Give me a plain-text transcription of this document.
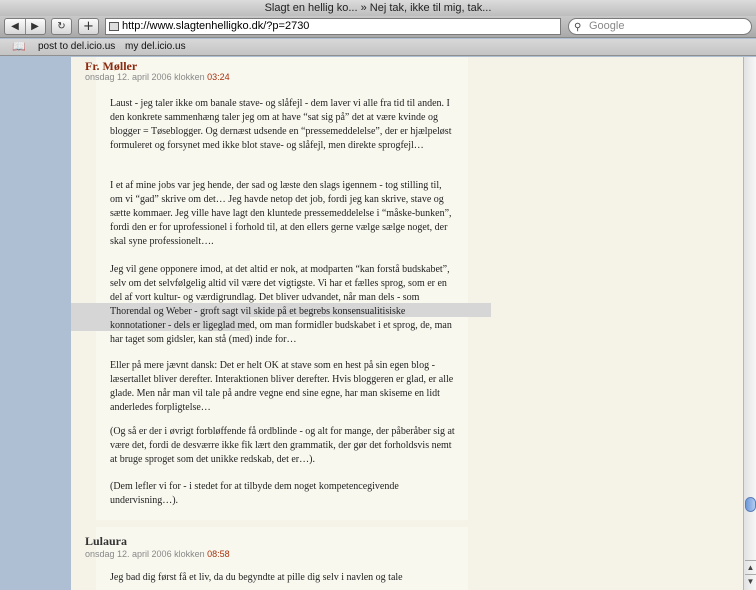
Slagt en hellig ko... » Nej tak, ikke til mig, tak...
◀ ▶	↻	+	http://www.slagtenhelligko.dk/?p=2730	⚲ Google
📖 post to del.icio.us my del.icio.us
Fr. Møller
onsdag 12. april 2006 klokken 03:24

Laust - jeg taler ikke om banale stave- og slåfejl - dem laver vi alle fra tid til anden. I den konkrete sammenhæng taler jeg om at have “sat sig på” det at være kvinde og blogger = Tøseblogger. Og dernæst udsende en “pressemeddelelse”, der er hjælpeløst formuleret og forsynet med ikke blot stave- og slåfejl, men direkte sprogfejl…

I et af mine jobs var jeg hende, der sad og læste den slags igennem - tog stilling til, om vi “gad” skrive om det… Jeg havde netop det job, fordi jeg kan skrive, stave og sætte kommaer. Jeg ville have lagt den kluntede pressemeddelelse i “måske-bunken”, fordi den er for uprofessionel i forhold til, at den ellers gerne vælge sælge noget, der skal syne professionelt….

Jeg vil gene opponere imod, at det altid er nok, at modparten “kan forstå budskabet”, selv om det selvfølgelig altid vil være det vigtigste. Vi har et fælles sprog, som er en del af vort kultur- og værdigrundlag. Det bliver udvandet, når man dels - som Thorendal og Weber - groft sagt vil skide på et begrebs konsensualitisiske konnotationer - dels er ligeglad med, om man formidler budskabet i et sprog, de, man har taget som gidsler, kan stå (med) inde for…

Eller på mere jævnt dansk: Det er helt OK at stave som en hest på sin egen blog - læsertallet bliver derefter. Interaktionen bliver derefter. Hvis bloggeren er glad, er alle glade. Men når man vil tale på andre vegne end sine egne, har man skiseme en lidt anderledes forpligtelse…

(Og så er der i øvrigt forbløffende få ordblinde - og alt for mange, der påberåber sig at være det, fordi de desværre ikke fik lært den grammatik, der gør det forholdsvis nemt at bruge sproget som det unikke redskab, det er…).

(Dem lefler vi for - i stedet for at tilbyde dem noget kompetencegivende undervisning…).

Lulaura
onsdag 12. april 2006 klokken 08:58

Jeg bad dig først få et liv, da du begyndte at pille dig selv i navlen og tale

▲
▼
